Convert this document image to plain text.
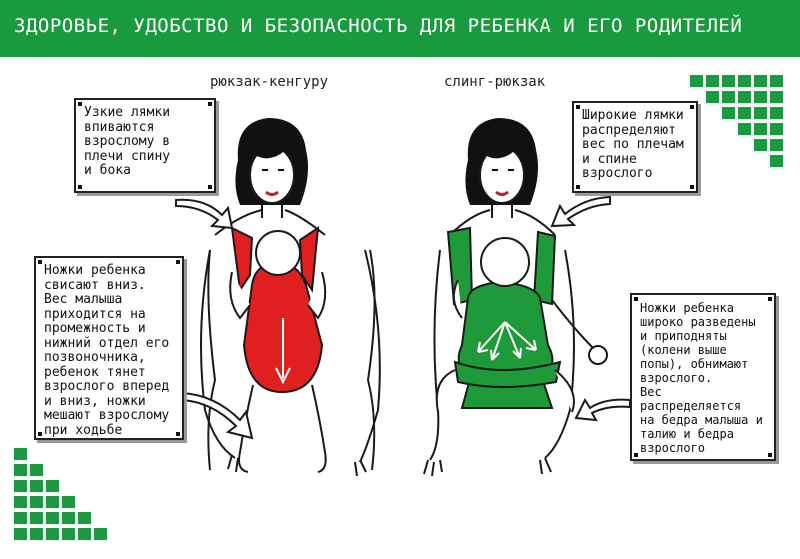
ЗДОРОВЬЕ, УДОБСТВО И БЕЗОПАСНОСТЬ ДЛЯ РЕБЕНКА И ЕГО РОДИТЕЛЕЙ
рюкзак-кенгуру	слинг-рюкзак

Узкие лямки
впиваются
взрослому в
плечи спину
и бока

Ножки ребенка
свисают вниз.
Вес малыша
приходится на
промежность и
нижний отдел его
позвоночника,
ребенок тянет
взрослого вперед
и вниз, ножки
мешают взрослому
при ходьбе

Широкие лямки
распределяют
вес по плечам
и спине
взрослого

Ножки ребенка
широко разведены
и приподняты
(колени выше
попы), обнимают
взрослого.
Вес распределяется
на бедра малыша и
талию и бедра
взрослого
